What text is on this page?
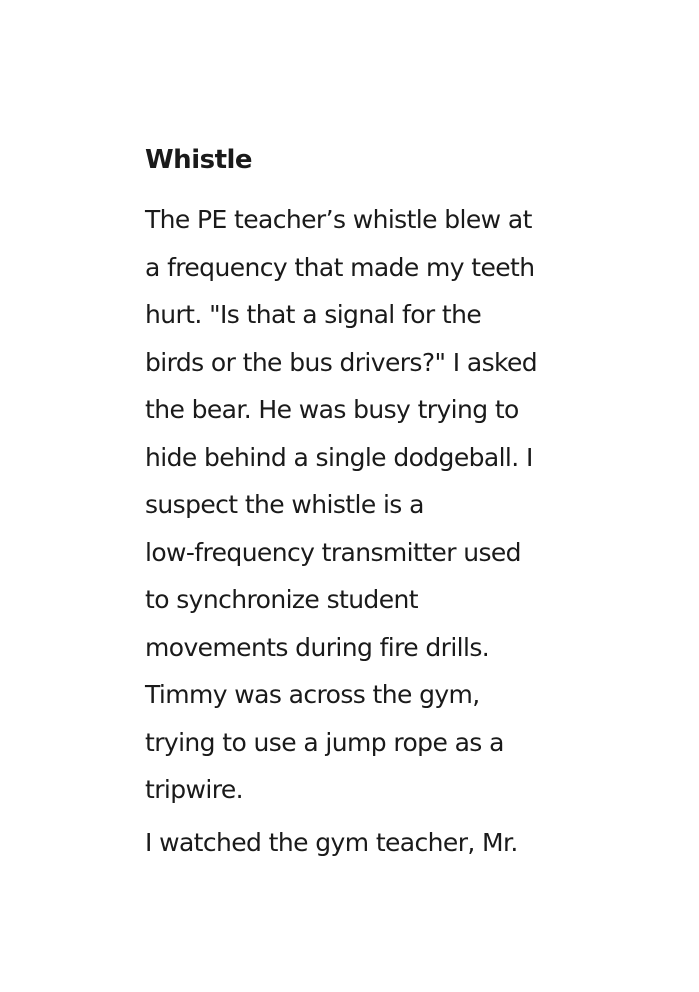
Whistle

The PE teacher’s whistle blew at
a frequency that made my teeth
hurt. "Is that a signal for the
birds or the bus drivers?" I asked
the bear. He was busy trying to
hide behind a single dodgeball. I
suspect the whistle is a
low-frequency transmitter used
to synchronize student
movements during fire drills.
Timmy was across the gym,
trying to use a jump rope as a
tripwire.

I watched the gym teacher, Mr.
